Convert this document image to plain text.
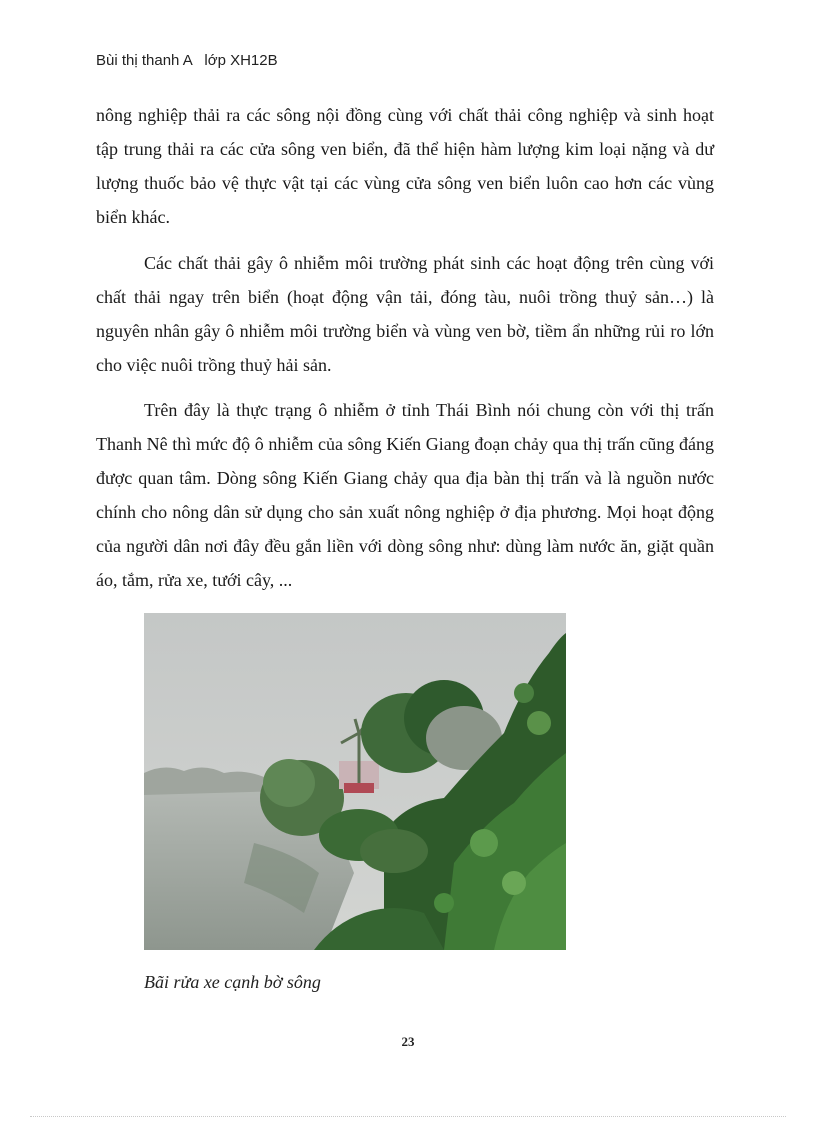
Bùi thị thanh A   lớp XH12B

nông nghiệp thải ra các sông nội đồng cùng với chất thải công nghiệp và sinh hoạt tập trung thải ra các cửa sông ven biển, đã thể hiện hàm lượng kim loại nặng và dư lượng thuốc bảo vệ thực vật tại các vùng cửa sông ven biển luôn cao hơn các vùng biển khác.

Các chất thải gây ô nhiễm môi trường phát sinh các hoạt động trên cùng với chất thải ngay trên biển (hoạt động vận tải, đóng tàu, nuôi trồng thuỷ sản…) là nguyên nhân gây ô nhiễm môi trường biển và vùng ven bờ, tiềm ẩn những rủi ro lớn cho việc nuôi trồng thuỷ hải sản.

Trên đây là thực trạng ô nhiễm ở tỉnh Thái Bình nói chung còn với thị trấn Thanh Nê thì mức độ ô nhiễm của sông Kiến Giang đoạn chảy qua thị trấn cũng đáng được quan tâm. Dòng sông Kiến Giang chảy qua địa bàn thị trấn và là nguồn nước chính cho nông dân sử dụng cho sản xuất nông nghiệp ở địa phương. Mọi hoạt động của người dân nơi đây đều gắn liền với dòng sông như: dùng làm nước ăn, giặt quần áo, tắm, rửa xe, tưới cây, ...

Bãi rửa xe cạnh bờ sông
23
